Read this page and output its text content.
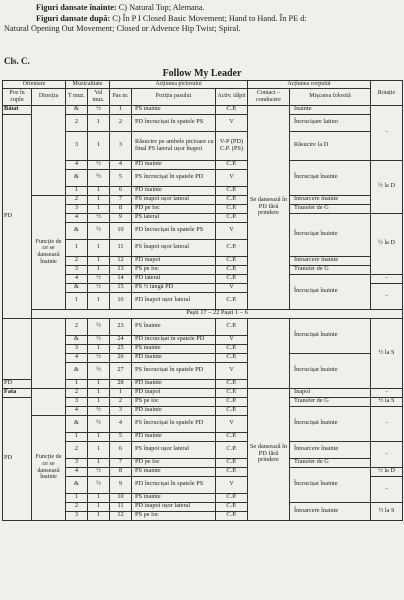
Figuri dansate înainte: C) Natural Top; Alemana.
Figuri dansate după: C) În P I Closed Basic Movement; Hand to Hand. În PE d:
Natural Opening Out Movement; Closed or Advence Hip Twist; Spiral.
Cls. C.
Follow My Leader
Orientare		Muzicalitate		Acțiunea piciorului			Acțiunea corpului		Rotație
Poz în cuplu	Direcția	T muz.	Val muz.	Pas nr.	Poziția pasului	Activ. tălpii	Contact – conducere	Mișcarea folosită	
Băiat		&	½	1	PS înainte	C.P.	Se dansează în PD fără prindere	Înainte	-
PD		2	1	2	PD încrucișat în spatele PS	V		Încrucișare latino	
		3	1	3	Răsucire pe ambele picioare cu final PS lateral ușor înapoi	V-P (PD) C.P. (PS)		Răsucire la D	
		4	½	4	PD înainte	C.P.		Încrucișat înainte	½ la D
		&	½	5	PS încrucișat în spatele PD	V			
		1	1	6	PD înainte	C.P.			
	Funcție de ce se dansează înainte	2	1	7	PS înapoi ușor lateral	C.P.		Întoarcere înainte	
		3	1	8	PD pe loc	C.P.		Transfer de G	
		4	½	9	PS lateral	C.P.		Încrucișat înainte	½ la D
		&	½	10	PD încrucișat în spatele PS	V			
		1	1	11	PS înapoi ușor lateral	C.P.			
		2	1	12	PD înapoi	C.P.		Întoarcere înainte	
		3	1	13	PS pe loc	C.P.		Transfer de G	
		4	½	14	PD lateral	C.P.		Încrucișat înainte	-
		&	½	15	PS ½ lângă PD	V			-
		1	1	16	PD înapoi ușor lateral	C.P.			
	Pașii 17 – 22 Pașii 1 – 6								
		2	½	23	PS înainte	C.P.		Încrucișat înainte	½ la S
		&	½	24	PD încrucișat în spatele PD	V			
		3	1	25	PS înainte	C.P.			
		4	½	26	PD înainte	C.P.		Încrucișat înainte	
		&	½	27	PS încrucișat în spatele PD	V			
PD		1	1	28	PD înainte	C.P.			
Fata		2	1	1	PD înapoi	C.P.	Se dansează în PD fără prindere	Înapoi	-
PD		3	1	2	PS pe loc	C.P.		Transfer de G	½ la S
		4	½	3	PD înainte	C.P.		Încrucișat înainte	-
	Funcție de ce se dansează înainte	&	½	4	PS încrucișat în spatele PD	V			
		1	1	5	PD înainte	C.P.			
		2	1	6	PS înapoi ușor lateral	C.P.		Întoarcere înainte	-
		3	1	7	PD pe loc	C.P.		Transfer de G	
		4	½	8	PS înainte	C.P.		Încrucișat înainte	½ la D
		&	½	9	PD încrucișat în spatele PS	V			-
		1	1	10	PS înainte	C.P.			
		2	1	11	PD înapoi ușor lateral	C.P.		Întoarcere înainte	½ la S
		3	1	12	PS pe loc	C.P.			
